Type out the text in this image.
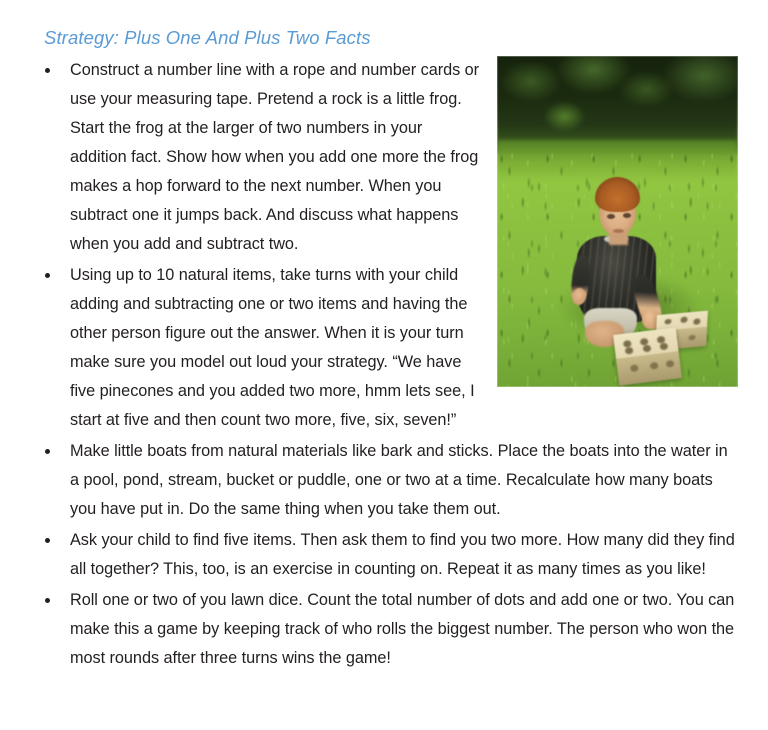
Strategy: Plus One And Plus Two Facts
Construct a number line with a rope and number cards or use your measuring tape. Pretend a rock is a little frog. Start the frog at the larger of two numbers in your addition fact. Show how when you add one more the frog makes a hop forward to the next number. When you subtract one it jumps back. And discuss what happens when you add and subtract two.
Using up to 10 natural items, take turns with your child adding and subtracting one or two items and having the other person figure out the answer. When it is your turn make sure you model out loud your strategy. “We have five pinecones and you added two more, hmm lets see, I start at five and then count two more, five, six, seven!”
Make little boats from natural materials like bark and sticks. Place the boats into the water in a pool, pond, stream, bucket or puddle, one or two at a time. Recalculate how many boats you have put in. Do the same thing when you take them out.
Ask your child to find five items. Then ask them to find you two more. How many did they find all together? This, too, is an exercise in counting on. Repeat it as many times as you like!
Roll one or two of you lawn dice. Count the total number of dots and add one or two. You can make this a game by keeping track of who rolls the biggest number. The person who won the most rounds after three turns wins the game!
